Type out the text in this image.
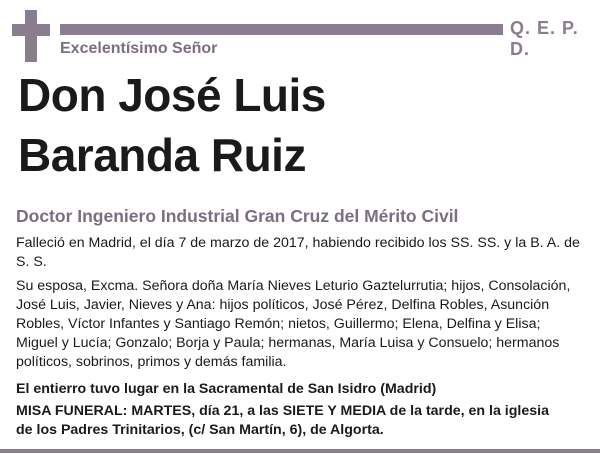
Q. E. P. D.
Excelentísimo Señor
Don José Luis
Baranda Ruiz
Doctor Ingeniero Industrial Gran Cruz del Mérito Civil
Falleció en Madrid, el día 7 de marzo de 2017, habiendo recibido los SS. SS. y la B. A. de S. S.
Su esposa, Excma. Señora doña María Nieves Leturio Gaztelurrutia; hijos, Consolación, José Luis, Javier, Nieves y Ana: hijos políticos, José Pérez, Delfina Robles, Asunción Robles, Víctor Infantes y Santiago Remón; nietos, Guillermo; Elena, Delfina y Elisa; Miguel y Lucía; Gonzalo; Borja y Paula; hermanas, María Luisa y Consuelo; hermanos políticos, sobrinos, primos y demás familia.
El entierro tuvo lugar en la Sacramental de San Isidro (Madrid)
MISA FUNERAL: MARTES, día 21, a las SIETE Y MEDIA de la tarde, en la iglesia
de los Padres Trinitarios, (c/ San Martín, 6), de Algorta.
